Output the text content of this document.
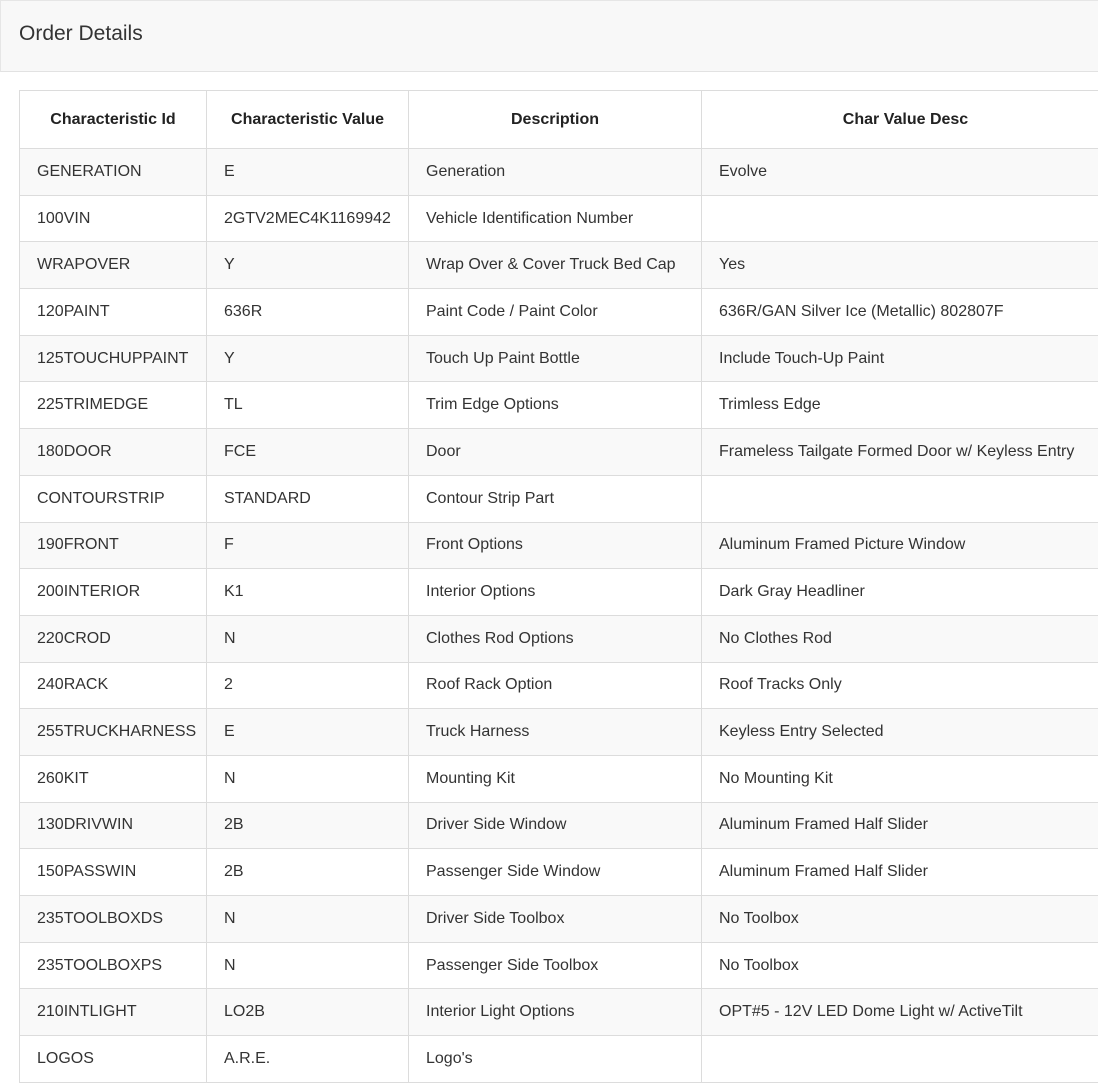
Order Details
Characteristic Id	Characteristic Value	Description	Char Value Desc
GENERATION	E	Generation	Evolve
100VIN	2GTV2MEC4K1169942	Vehicle Identification Number	
WRAPOVER	Y	Wrap Over & Cover Truck Bed Cap	Yes
120PAINT	636R	Paint Code / Paint Color	636R/GAN Silver Ice (Metallic) 802807F
125TOUCHUPPAINT	Y	Touch Up Paint Bottle	Include Touch-Up Paint
225TRIMEDGE	TL	Trim Edge Options	Trimless Edge
180DOOR	FCE	Door	Frameless Tailgate Formed Door w/ Keyless Entry
CONTOURSTRIP	STANDARD	Contour Strip Part	
190FRONT	F	Front Options	Aluminum Framed Picture Window
200INTERIOR	K1	Interior Options	Dark Gray Headliner
220CROD	N	Clothes Rod Options	No Clothes Rod
240RACK	2	Roof Rack Option	Roof Tracks Only
255TRUCKHARNESS	E	Truck Harness	Keyless Entry Selected
260KIT	N	Mounting Kit	No Mounting Kit
130DRIVWIN	2B	Driver Side Window	Aluminum Framed Half Slider
150PASSWIN	2B	Passenger Side Window	Aluminum Framed Half Slider
235TOOLBOXDS	N	Driver Side Toolbox	No Toolbox
235TOOLBOXPS	N	Passenger Side Toolbox	No Toolbox
210INTLIGHT	LO2B	Interior Light Options	OPT#5 - 12V LED Dome Light w/ ActiveTilt
LOGOS	A.R.E.	Logo's	
